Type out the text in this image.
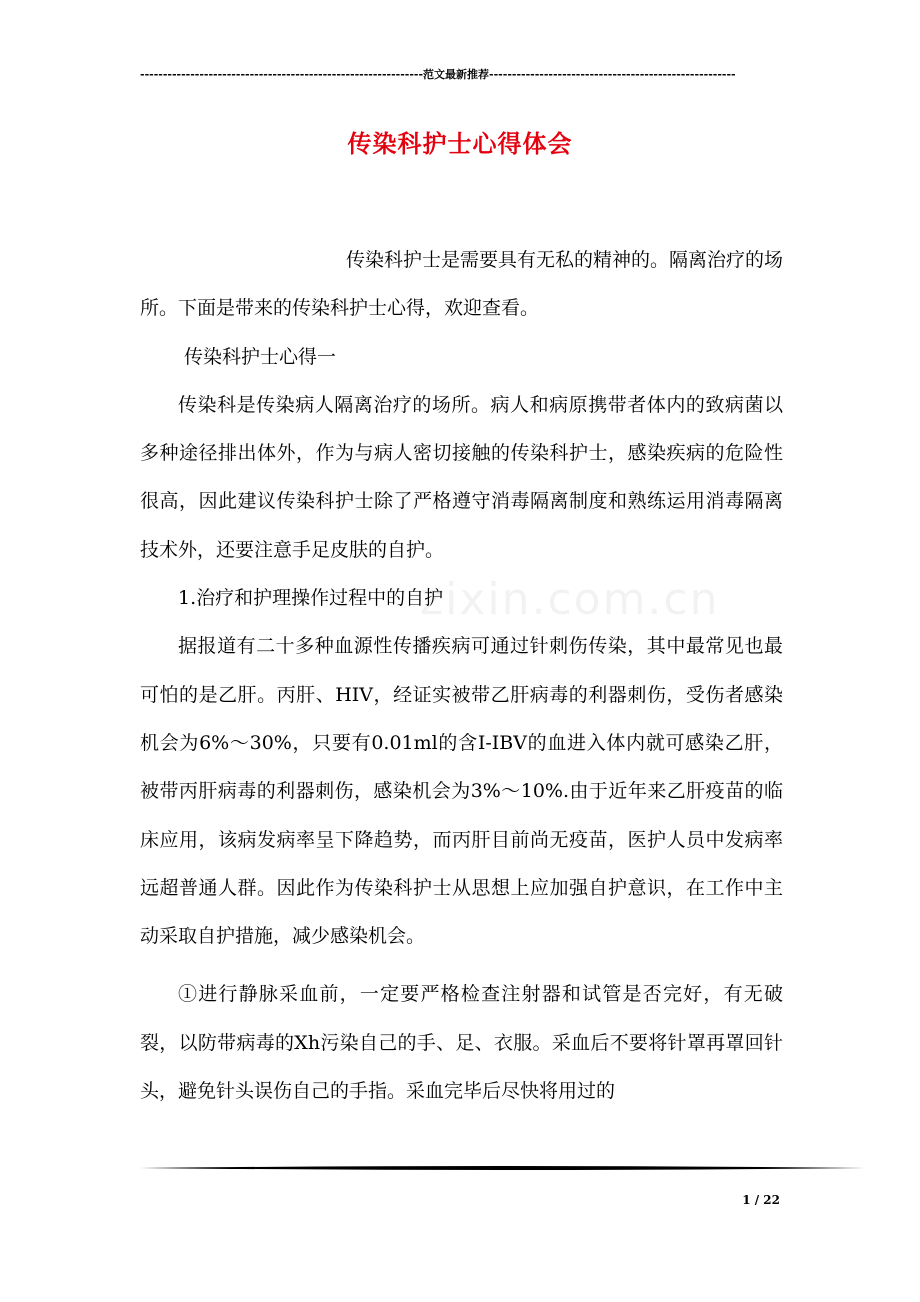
--------------------------------------------------------------范文最新推荐------------------------------------------------------
传染科护士心得体会
zixin.com.cn

传染科护士是需要具有无私的精神的。隔离治疗的场所。下面是带来的传染科护士心得，欢迎查看。

传染科护士心得一

传染科是传染病人隔离治疗的场所。病人和病原携带者体内的致病菌以多种途径排出体外，作为与病人密切接触的传染科护士，感染疾病的危险性很高，因此建议传染科护士除了严格遵守消毒隔离制度和熟练运用消毒隔离技术外，还要注意手足皮肤的自护。

1.治疗和护理操作过程中的自护

据报道有二十多种血源性传播疾病可通过针刺伤传染，其中最常见也最可怕的是乙肝。丙肝、HIV，经证实被带乙肝病毒的利器刺伤，受伤者感染机会为6%～30%，只要有0.01ml的含I-IBV的血进入体内就可感染乙肝，被带丙肝病毒的利器刺伤，感染机会为3%～10%.由于近年来乙肝疫苗的临床应用，该病发病率呈下降趋势，而丙肝目前尚无疫苗，医护人员中发病率远超普通人群。因此作为传染科护士从思想上应加强自护意识，在工作中主动采取自护措施，减少感染机会。

①进行静脉采血前，一定要严格检查注射器和试管是否完好，有无破裂，以防带病毒的Xh污染自己的手、足、衣服。采血后不要将针罩再罩回针头，避免针头误伤自己的手指。采血完毕后尽快将用过的

1 / 22
